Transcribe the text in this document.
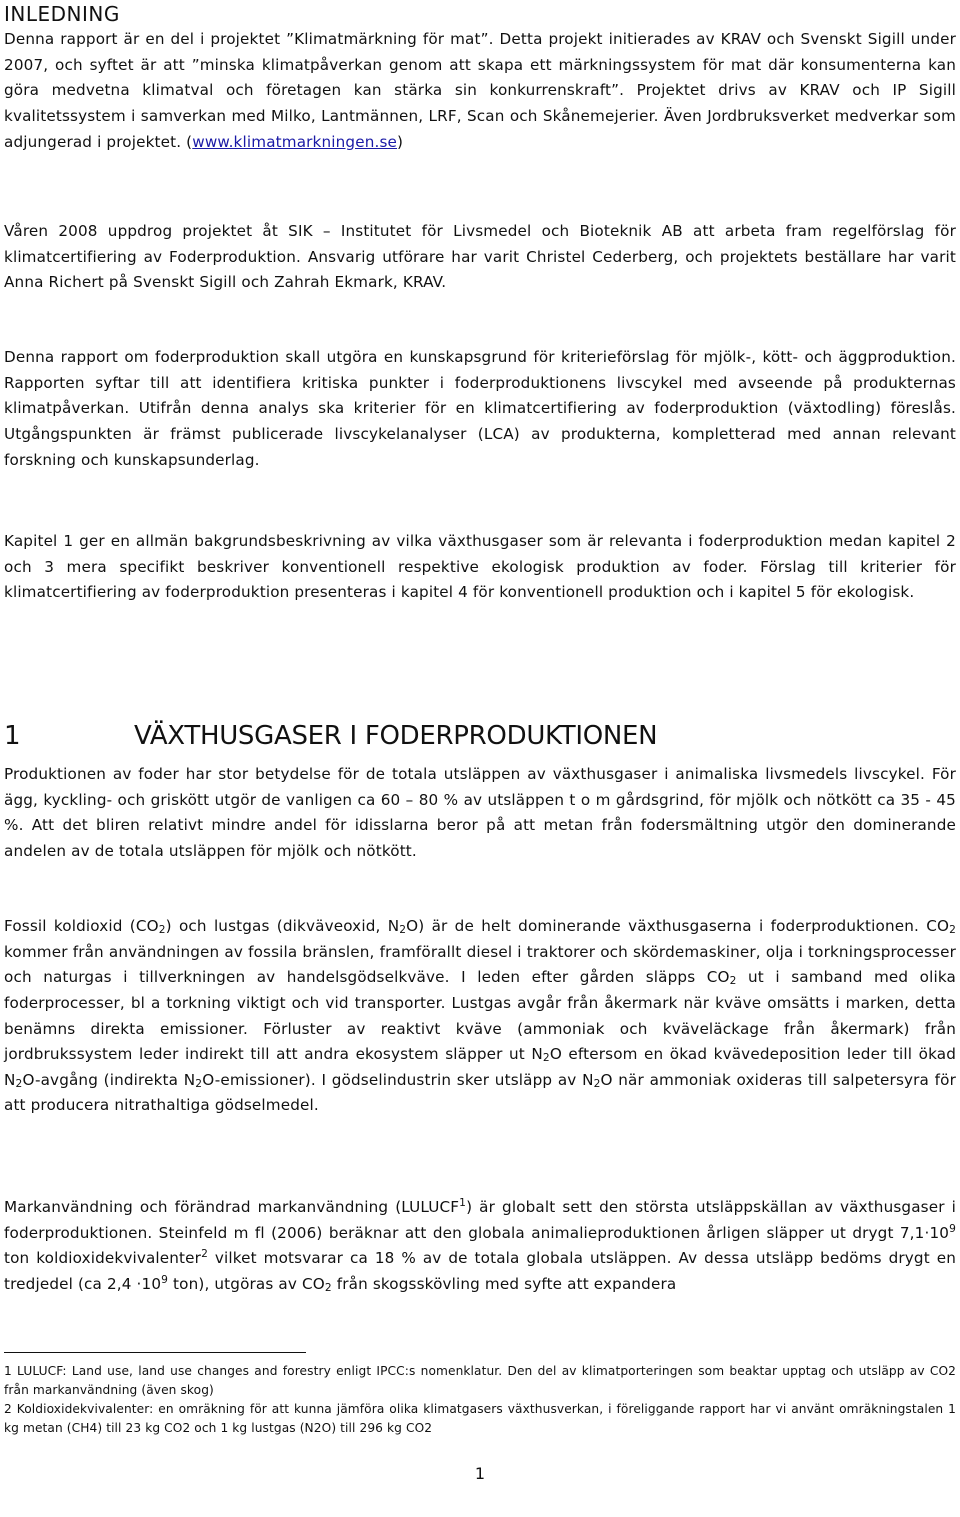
INLEDNING

Denna rapport är en del i projektet ”Klimatmärkning för mat”. Detta projekt initierades av KRAV och Svenskt Sigill under 2007, och syftet är att ”minska klimatpåverkan genom att skapa ett märkningssystem för mat där konsumenterna kan göra medvetna klimatval och företagen kan stärka sin konkurrenskraft”. Projektet drivs av KRAV och IP Sigill kvalitetssystem i samverkan med Milko, Lantmännen, LRF, Scan och Skånemejerier. Även Jordbruksverket medverkar som adjungerad i projektet. (www.klimatmarkningen.se)

Våren 2008 uppdrog projektet åt SIK – Institutet för Livsmedel och Bioteknik AB att arbeta fram regelförslag för klimatcertifiering av Foderproduktion. Ansvarig utförare har varit Christel Cederberg, och projektets beställare har varit Anna Richert på Svenskt Sigill och Zahrah Ekmark, KRAV.

Denna rapport om foderproduktion skall utgöra en kunskapsgrund för kriterieförslag för mjölk-, kött- och äggproduktion. Rapporten syftar till att identifiera kritiska punkter i foderproduktionens livscykel med avseende på produkternas klimatpåverkan. Utifrån denna analys ska kriterier för en klimatcertifiering av foderproduktion (växtodling) föreslås. Utgångspunkten är främst publicerade livscykelanalyser (LCA) av produkterna, kompletterad med annan relevant forskning och kunskapsunderlag.

Kapitel 1 ger en allmän bakgrundsbeskrivning av vilka växthusgaser som är relevanta i foderproduktion medan kapitel 2 och 3 mera specifikt beskriver konventionell respektive ekologisk produktion av foder. Förslag till kriterier för klimatcertifiering av foderproduktion presenteras i kapitel 4 för konventionell produktion och i kapitel 5 för ekologisk.

1	VÄXTHUSGASER I FODERPRODUKTIONEN

Produktionen av foder har stor betydelse för de totala utsläppen av växthusgaser i animaliska livsmedels livscykel. För ägg, kyckling- och griskött utgör de vanligen ca 60 – 80 % av utsläppen t o m gårdsgrind, för mjölk och nötkött ca 35 - 45 %. Att det bliren relativt mindre andel för idisslarna beror på att metan från fodersmältning utgör den dominerande andelen av de totala utsläppen för mjölk och nötkött.

Fossil koldioxid $(CO_2)$ och lustgas (dikväveoxid, $N_2O$) är de helt dominerande växthusgaserna i foderproduktionen. $CO_2$ kommer från användningen av fossila bränslen, framförallt diesel i traktorer och skördemaskiner, olja i torkningsprocesser och naturgas i tillverkningen av handelsgödselkväve. I leden efter gården släpps $CO_2$ ut i samband med olika foderprocesser, bl a torkning viktigt och vid transporter. Lustgas avgår från åkermark när kväve omsätts i marken, detta benämns direkta emissioner. Förluster av reaktivt kväve (ammoniak och kväveläckage från åkermark) från jordbrukssystem leder indirekt till att andra ekosystem släpper ut $N_2O$ eftersom en ökad kvävedeposition leder till ökad $N_2O$-avgång (indirekta $N_2O-emissioner$). I gödselindustrin sker utsläpp av $N_2O$ när ammoniak oxideras till salpetersyra för att producera nitrathaltiga gödselmedel.

Markanvändning och förändrad markanvändning (LULUCF$^1$) är globalt sett den största utsläppskällan av växthusgaser i foderproduktionen. Steinfeld m fl (2006) beräknar att den globala animalieproduktionen årligen släpper ut drygt $7,1\cdot 10^9$ ton koldioxidekvivalenter$^2$ vilket motsvarar ca 18 % av de totala globala utsläppen. Av dessa utsläpp bedöms drygt en tredjedel (ca $2,4 \cdot 10^9$ ton), utgöras av $CO_2$ från skogsskövling med syfte att expandera

1 LULUCF: Land use, land use changes and forestry enligt IPCC:s nomenklatur. Den del av klimatporteringen som beaktar upptag och utsläpp av CO2 från markanvändning (även skog)
2 Koldioxidekvivalenter: en omräkning för att kunna jämföra olika klimatgasers växthusverkan, i föreliggande rapport har vi använt omräkningstalen 1 kg metan (CH4) till 23 kg CO2 och 1 kg lustgas (N2O) till 296 kg CO2
1
